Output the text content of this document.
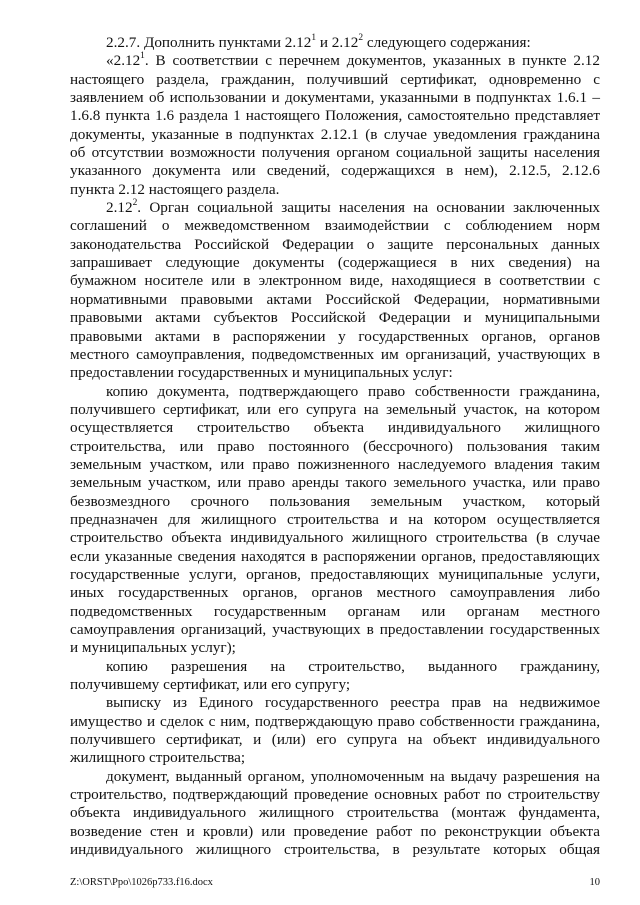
2.2.7. Дополнить пунктами 2.12$^1$ и 2.12$^2$ следующего содержания:
«2.12$^1$. В соответствии с перечнем документов, указанных в пункте 2.12
настоящего раздела, гражданин, получивший сертификат, одновременно с
заявлением об использовании и документами, указанными в подпунктах 1.6.1 –
1.6.8 пункта 1.6 раздела 1 настоящего Положения, самостоятельно представляет
документы, указанные в подпунктах 2.12.1 (в случае уведомления гражданина
об отсутствии возможности получения органом социальной защиты населения
указанного документа или сведений, содержащихся в нем), 2.12.5, 2.12.6
пункта 2.12 настоящего раздела.
2.12$^2$. Орган социальной защиты населения на основании заключенных
соглашений о межведомственном взаимодействии с соблюдением норм
законодательства Российской Федерации о защите персональных данных
запрашивает следующие документы (содержащиеся в них сведения) на
бумажном носителе или в электронном виде, находящиеся в соответствии с
нормативными правовыми актами Российской Федерации, нормативными
правовыми актами субъектов Российской Федерации и муниципальными
правовыми актами в распоряжении у государственных органов, органов
местного самоуправления, подведомственных им организаций, участвующих в
предоставлении государственных и муниципальных услуг:
копию документа, подтверждающего право собственности гражданина,
получившего сертификат, или его супруга на земельный участок, на котором
осуществляется строительство объекта индивидуального жилищного
строительства, или право постоянного (бессрочного) пользования таким
земельным участком, или право пожизненного наследуемого владения таким
земельным участком, или право аренды такого земельного участка, или право
безвозмездного срочного пользования земельным участком, который
предназначен для жилищного строительства и на котором осуществляется
строительство объекта индивидуального жилищного строительства (в случае
если указанные сведения находятся в распоряжении органов, предоставляющих
государственные услуги, органов, предоставляющих муниципальные услуги,
иных государственных органов, органов местного самоуправления либо
подведомственных государственным органам или органам местного
самоуправления организаций, участвующих в предоставлении государственных
и муниципальных услуг);
копию разрешения на строительство, выданного гражданину,
получившему сертификат, или его супругу;
выписку из Единого государственного реестра прав на недвижимое
имущество и сделок с ним, подтверждающую право собственности гражданина,
получившего сертификат, и (или) его супруга на объект индивидуального
жилищного строительства;
документ, выданный органом, уполномоченным на выдачу разрешения на
строительство, подтверждающий проведение основных работ по строительству
объекта индивидуального жилищного строительства (монтаж фундамента,
возведение стен и кровли) или проведение работ по реконструкции объекта
индивидуального жилищного строительства, в результате которых общая
Z:\ORST\Ppo\1026p733.f16.docx	10
